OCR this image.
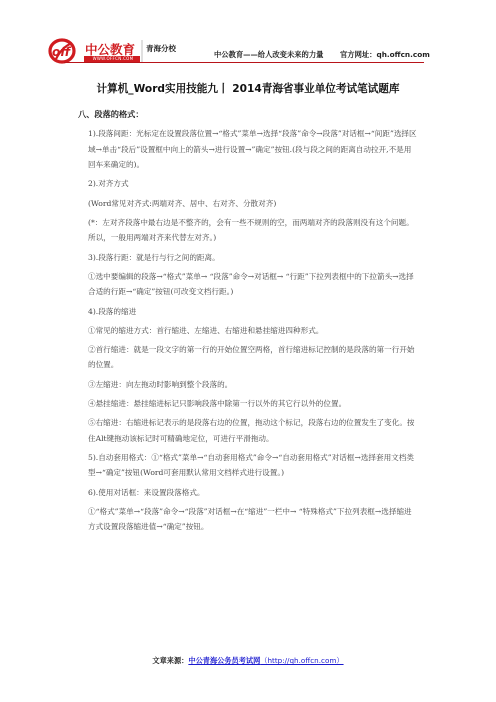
off 中公教育
WWW.OFFCN.COM
青海分校
中公教育——给人改变未来的力量 官方网址：qh.offcn.com
计算机_Word实用技能九丨 2014青海省事业单位考试笔试题库
八、段落的格式：

1).段落间距：光标定在设置段落位置→“格式”菜单→选择“段落”命令→段落”对话框→“间距”选择区域→单击“段后”设置框中向上的箭头→进行设置→”确定”按钮.(段与段之间的距离自动拉开,不是用回车来确定的)。

2).对齐方式

(Word常见对齐式:两端对齐、居中、右对齐、分散对齐)

(*：左对齐段落中最右边是不整齐的，会有一些不规则的空，而两端对齐的段落则没有这个问题。所以，一般用两端对齐来代替左对齐。)

3).段落行距：就是行与行之间的距离。

①选中要编辑的段落→“格式”菜单→ “段落”命令→对话框→ “行距”下拉列表框中的下拉箭头→选择合适的行距→“确定”按钮(可改变文档行距。)

4).段落的缩进

①常见的缩进方式：首行缩进、左缩进、右缩进和悬挂缩进四种形式。

②首行缩进：就是一段文字的第一行的开始位置空两格，首行缩进标记控制的是段落的第一行开始的位置。

③左缩进：向左拖动时影响到整个段落的。

④悬挂缩进：悬挂缩进标记只影响段落中除第一行以外的其它行以外的位置。

⑤右缩进：右缩进标记表示的是段落右边的位置，拖动这个标记，段落右边的位置发生了变化。按住Alt键拖动该标记时可精确地定位，可进行平滑拖动。

5).自动套用格式：①“格式”菜单→“自动套用格式”命令→“自动套用格式”对话框→选择套用文档类型→“确定”按钮(Word可套用默认常用文档样式进行设置。)

6).使用对话框：来设置段落格式。

①“格式”菜单→“段落”命令→“段落”对话框→在“缩进”一栏中→ “特殊格式”下拉列表框→选择缩进方式设置段落缩进值→“确定”按钮。

文章来源：中公青海公务员考试网（http://qh.offcn.com）
